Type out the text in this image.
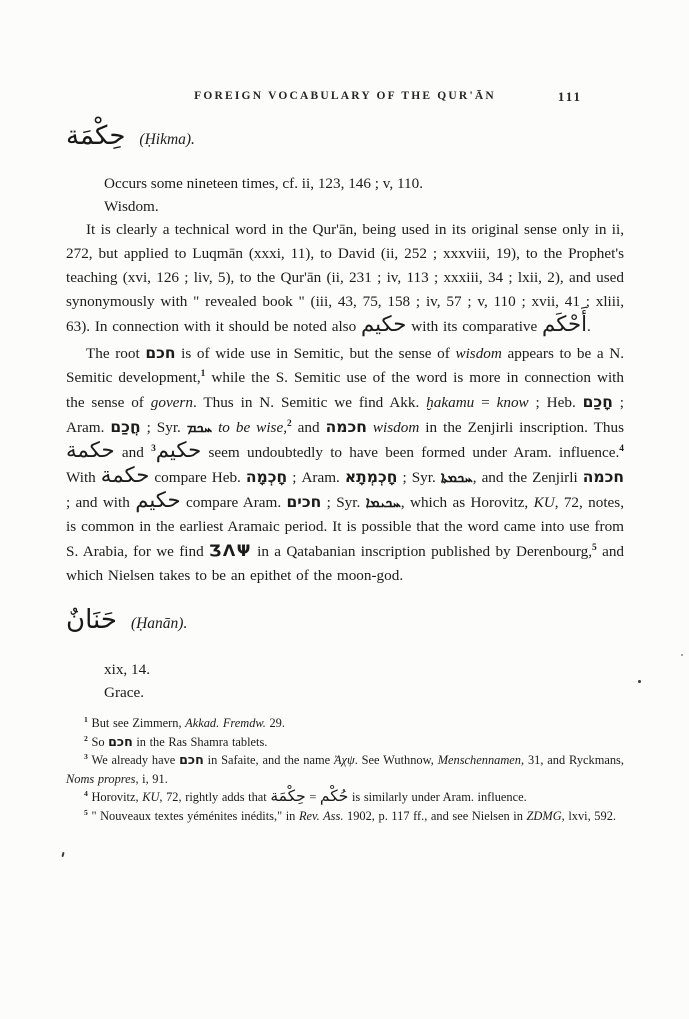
FOREIGN VOCABULARY OF THE QUR'ĀN	111
حِكْمَة (Ḥikma).
Occurs some nineteen times, cf. ii, 123, 146 ; v, 110.
Wisdom.

It is clearly a technical word in the Qur'ān, being used in its original sense only in ii, 272, but applied to Luqmān (xxxi, 11), to David (ii, 252 ; xxxviii, 19), to the Prophet's teaching (xvi, 126 ; liv, 5), to the Qur'ān (ii, 231 ; iv, 113 ; xxxiii, 34 ; lxii, 2), and used synonymously with " revealed book " (iii, 43, 75, 158 ; iv, 57 ; v, 110 ; xvii, 41 ; xliii, 63). In connection with it should be noted also حكيم with its comparative أَحْكَم.

The root חכם is of wide use in Semitic, but the sense of wisdom appears to be a N. Semitic development,$^1$ while the S. Semitic use of the word is more in connection with the sense of govern. Thus in N. Semitic we find Akk. ḫakamu = know ; Heb. חָכַם ; Aram. חֲכַם ; Syr. ܚܟܡ to be wise,$^2$ and חכמה wisdom in the Zenjirli inscription. Thus حكمة and حكيم$^3$	seem undoubtedly to have been formed under Aram. influence.$^4$ With حكمة compare Heb. חָכְמָה ; Aram. חָכְמְתָא ; Syr. ܚܟܡܬܐ, and the Zenjirli חכמה ; and with حكيم compare Aram. חכים ; Syr. ܚܟܝܡܐ, which as Horovitz, KU, 72, notes, is common in the earliest Aramaic period. It is possible that the word came into use from S. Arabia, for we find ƷΛΨ in a Qatabanian inscription published by Derenbourg,$^5$ and which Nielsen takes to be an epithet of the moon-god.

حَنَانٌ (Ḥanān).
xix, 14.
Grace.

$^1$ But see Zimmern, Akkad. Fremdw. 29.

$^2$ So חכם in the Ras Shamra tablets.

$^3$ We already have חכם in Safaite, and the name Ἀχψ. See Wuthnow, Menschennamen, 31, and Ryckmans, Noms propres, i, 91.

$^4$ Horovitz, KU, 72, rightly adds that	حُكْم = حِكْمَة	is similarly under Aram. influence.

$^5$ " Nouveaux textes yéménites inédits," in Rev. Ass. 1902, p. 117 ff., and see Nielsen in ZDMG, lxvi, 592.
